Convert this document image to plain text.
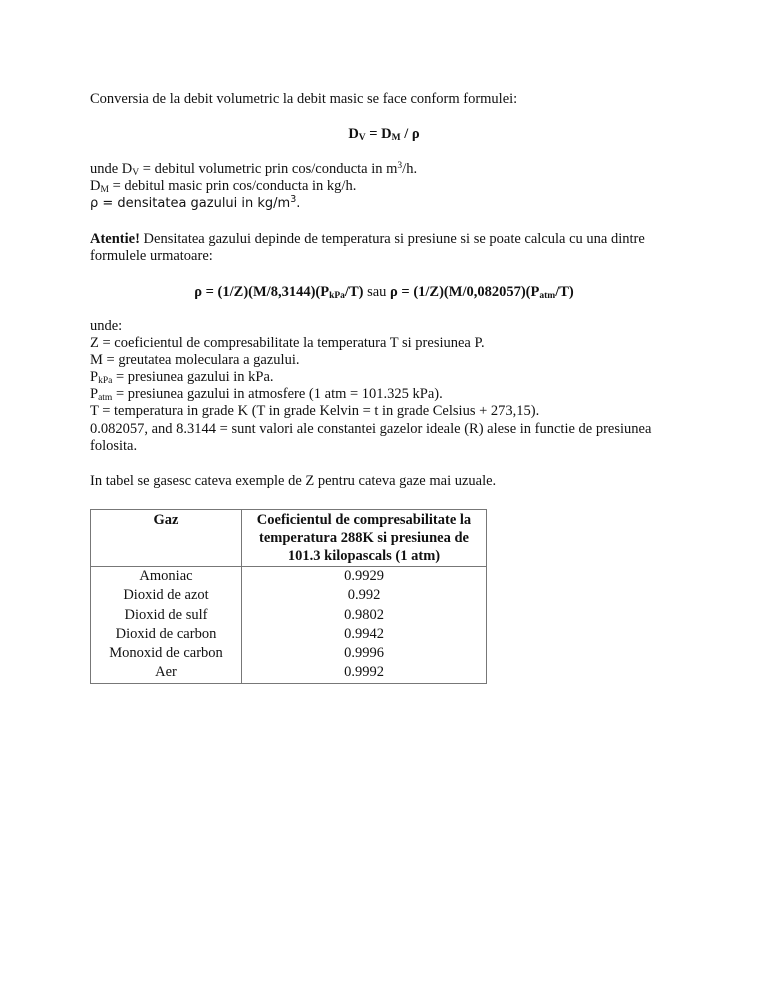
Conversia de la debit volumetric la debit masic se face conform formulei:
$D_V = D_M / \rho$
unde $D_V$ = debitul volumetric prin cos/conducta in $m^3/h$.
$D_M$ = debitul masic prin cos/conducta in kg/h.
ρ = densitatea gazului in $kg/m^3$.
Atentie! Densitatea gazului depinde de temperatura si presiune si se poate calcula cu una dintre
formulele urmatoare:
$\rho = (1/Z)(M/8,3144)(P_{kPa}/T)$ sau $\rho = (1/Z)(M/0,082057)(P_{atm}/T)$
unde:
Z = coeficientul de compresabilitate la temperatura T si presiunea P.
M = greutatea moleculara a gazului.
$P_{kPa}$ = presiunea gazului in kPa.
$P_{atm}$ = presiunea gazului in atmosfere (1 atm = 101.325 kPa).
T = temperatura in grade K (T in grade Kelvin = t in grade Celsius + 273,15).
0.082057, and 8.3144 = sunt valori ale constantei gazelor ideale (R) alese in functie de presiunea
folosita.
In tabel se gasesc cateva exemple de Z pentru cateva gaze mai uzuale.
Gaz	Coeficientul de compresabilitate la temperatura 288K si presiunea de 101.3 kilopascals (1 atm)
Amoniac	0.9929
Dioxid de azot	0.992
Dioxid de sulf	0.9802
Dioxid de carbon	0.9942
Monoxid de carbon	0.9996
Aer	0.9992
